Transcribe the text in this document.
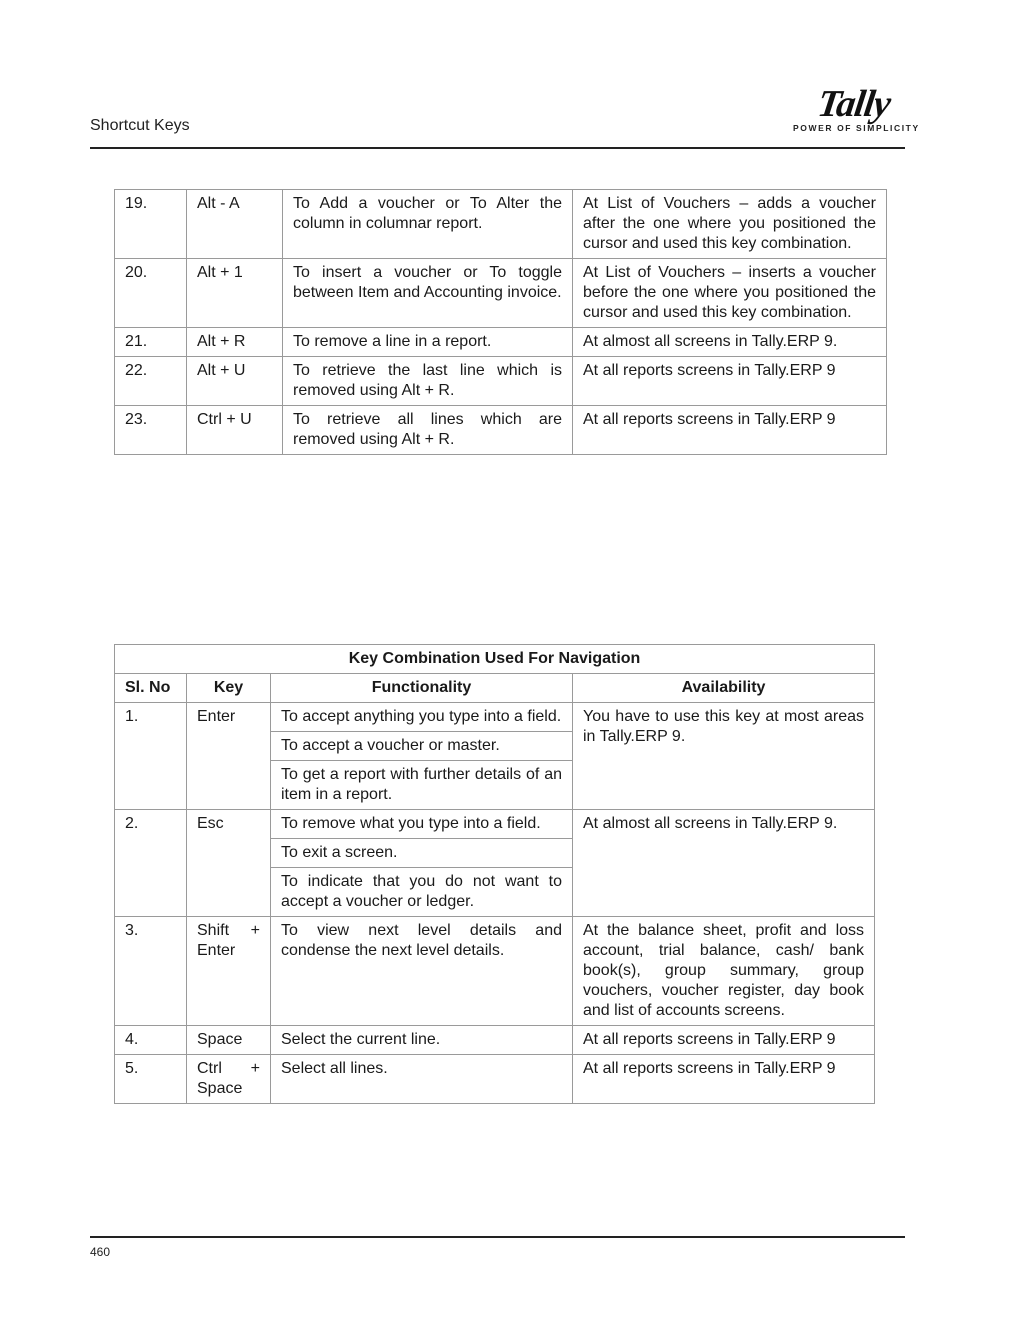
Shortcut Keys
Tally
POWER OF SIMPLICITY
19.	Alt - A	To Add a voucher or To Alter the column in columnar report.	At List of Vouchers – adds a voucher after the one where you positioned the cursor and used this key combination.
20.	Alt + 1	To insert a voucher or To toggle between Item and Accounting invoice.	At List of Vouchers – inserts a voucher before the one where you positioned the cursor and used this key combination.
21.	Alt + R	To remove a line in a report.	At almost all screens in Tally.ERP 9.
22.	Alt + U	To retrieve the last line which is removed using Alt + R.	At all reports screens in Tally.ERP 9
23.	Ctrl + U	To retrieve all lines which are removed using Alt + R.	At all reports screens in Tally.ERP 9
Key Combination Used For Navigation			
Sl. No	Key	Functionality	Availability
1.	Enter	To accept anything you type into a field.	You have to use this key at most areas in Tally.ERP 9.
		To accept a voucher or master.	
		To get a report with further details of an item in a report.	
2.	Esc	To remove what you type into a field.	At almost all screens in Tally.ERP 9.
		To exit a screen.	
		To indicate that you do not want to accept a voucher or ledger.	
3.	Shift + Enter	To view next level details and condense the next level details.	At the balance sheet, profit and loss account, trial balance, cash/ bank book(s), group summary, group vouchers, voucher register, day book and list of accounts screens.
4.	Space	Select the current line.	At all reports screens in Tally.ERP 9
5.	Ctrl + Space	Select all lines.	At all reports screens in Tally.ERP 9
460
